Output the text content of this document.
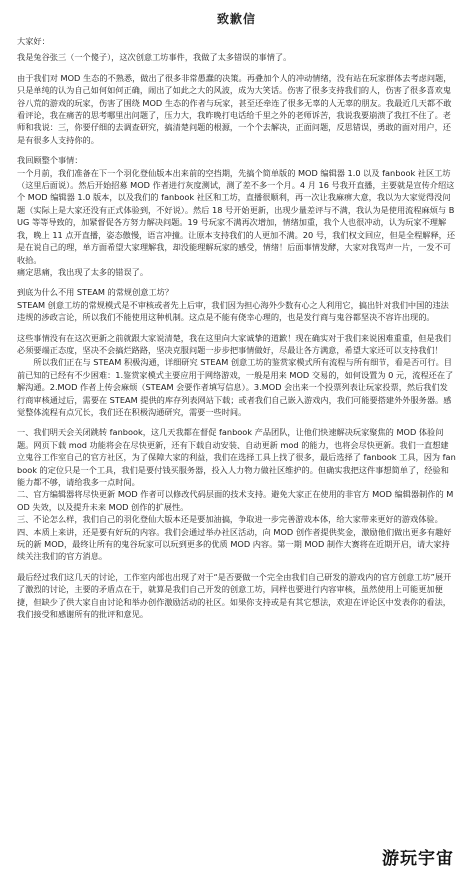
致歉信

大家好：

我是兔谷张三（一个傻子），这次创意工坊事件，我做了太多错误的事情了。

由于我们对 MOD 生态的不熟悉，做出了很多非常愚蠢的决策。再叠加个人的冲动情绪，没有站在玩家群体去考虑问题，只是单纯的认为自己如何如何正确，闹出了如此之大的风波，成为大笑话。伤害了很多支持我们的人，伤害了很多喜欢鬼谷八荒的游戏的玩家，伤害了围绕 MOD 生态的作者与玩家，甚至还牵连了很多无辜的人无辜的朋友。我最近几天都不敢看评论，我在痛苦的思考哪里出问题了，压力大，我昨晚打电话给千里之外的老师诉苦，我说我要崩溃了我扛不住了。老师和我说：三，你要仔细的去调查研究，搞清楚问题的根源，一个个去解决，正面问题，反思错误，勇敢的面对用户，还是有很多人支持你的。

我回顾整个事情：

一个月前，我们准备在下一个羽化登仙版本出来前的空挡期，先搞个简单版的 MOD 编辑器 1.0 以及 fanbook 社区工坊（这里后面说）。然后开始招募 MOD 作者进行灰度测试，测了差不多一个月。4 月 16 号我开直播，主要就是宣传介绍这个 MOD 编辑器 1.0 版本，以及我们的 fanbook 社区和工坊，直播很顺利，再一次让我麻痹大意，我以为大家觉得没问题（实际上是大家还没有正式体验到，不好说）。然后 18 号开始更新，出现少量差评与不满，我认为是使用流程麻烦与 BUG 等等导致的，加紧督促各方努力解决问题。19 号玩家不满再次增加，情绪加重，我个人也很冲动，认为玩家不理解我，晚上 11 点开直播，姿态傲慢，语言冲撞。让原本支持我们的人更加不满。20 号，我们权文回应，但是全程解释，还是在说自己的理，单方面希望大家理解我，却没能理解玩家的感受，情绪！后面事情发酵，大家对我骂声一片，一发不可收拾。

痛定思痛，我出现了太多的错误了。

到底为什么不用 STEAM 的常规创意工坊？

STEAM 创意工坊的常规模式是不审核或者先上后审，我们因为担心海外少数有心之人利用它，搞出针对我们中国的违法违规的涉政言论，所以我们不能使用这种机制。这点是不能有侥幸心理的，也是发行商与鬼谷都坚决不容许出现的。

这些事情没有在这次更新之前就跟大家说清楚，我在这里向大家诚挚的道歉！现在确实对于我们来说困难重重，但是我们必须要端正态度，坚决不会搞烂路路，坚决克服问题一步步把事情做好，尽最让各方满意，希望大家还可以支持我们！

所以我们正在与 STEAM 积极沟通，详细研究 STEAM 创意工坊的鉴赏家模式所有流程与所有细节，看是否可行。目前已知的已经有不少困难：1.鉴赏家模式主要应用于网络游戏，一般是用来 MOD 交易的，如何设置为 0 元，流程还在了解沟通。2.MOD 作者上传会麻烦（STEAM 会要作者填写信息）。3.MOD 会出来一个投票列表让玩家投票，然后我们发行商审核通过后，需要在 STEAM 提供的库存列表网站下载；或者我们自己嵌入游戏内，我们可能要搭建外外服务器。感觉整体流程有点冗长，我们还在积极沟通研究，需要一些时间。

一、我们明天会关闭跳转 fanbook，这几天我都在督促 fanbook 产品团队，让他们快速解决玩家聚焦的 MOD 体验问题。网页下载 mod 功能将会在尽快更新，还有下载自动安装、自动更新 mod 的能力，也将会尽快更新。我们一直想建立鬼谷工作室自己的官方社区，为了保障大家的利益，我们在选择工具上找了很多，最后选择了 fanbook 工具，因为 fanbook 的定位只是一个工具，我们是要付钱买服务器，投入人力物力做社区维护的。但确实我把这件事想简单了，经验和能力都不够，请给我多一点时间。

二、官方编辑器将尽快更新 MOD 作者可以修改代码层面的技术支持。避免大家正在使用的非官方 MOD 编辑器制作的 MOD 失效，以及提升未来 MOD 创作的扩展性。

三、不论怎么样，我们自己的羽化登仙大版本还是要加油搞，争取进一步完善游戏本体，给大家带来更好的游戏体验。

四、本质上来讲，还是要有好玩的内容。我们会通过举办社区活动，向 MOD 创作者提供奖金，激励他们做出更多有趣好玩的新 MOD，最终让所有的鬼谷玩家可以玩到更多的优质 MOD 内容。第一期 MOD 制作大赛将在近期开启，请大家持续关注我们的官方消息。

最后经过我们这几天的讨论，工作室内部也出现了对于“是否要做一个完全由我们自己研发的游戏内的官方创意工坊”展开了激烈的讨论，主要的矛盾点在于，就算是我们自己开发的创意工坊，同样也要进行内容审核，虽然使用上可能更加便捷，但缺少了供大家自由讨论和举办创作激励活动的社区。如果你支持或是有其它想法，欢迎在评论区中发表你的看法，我们接受和感谢所有的批评和意见。

游玩宇宙
